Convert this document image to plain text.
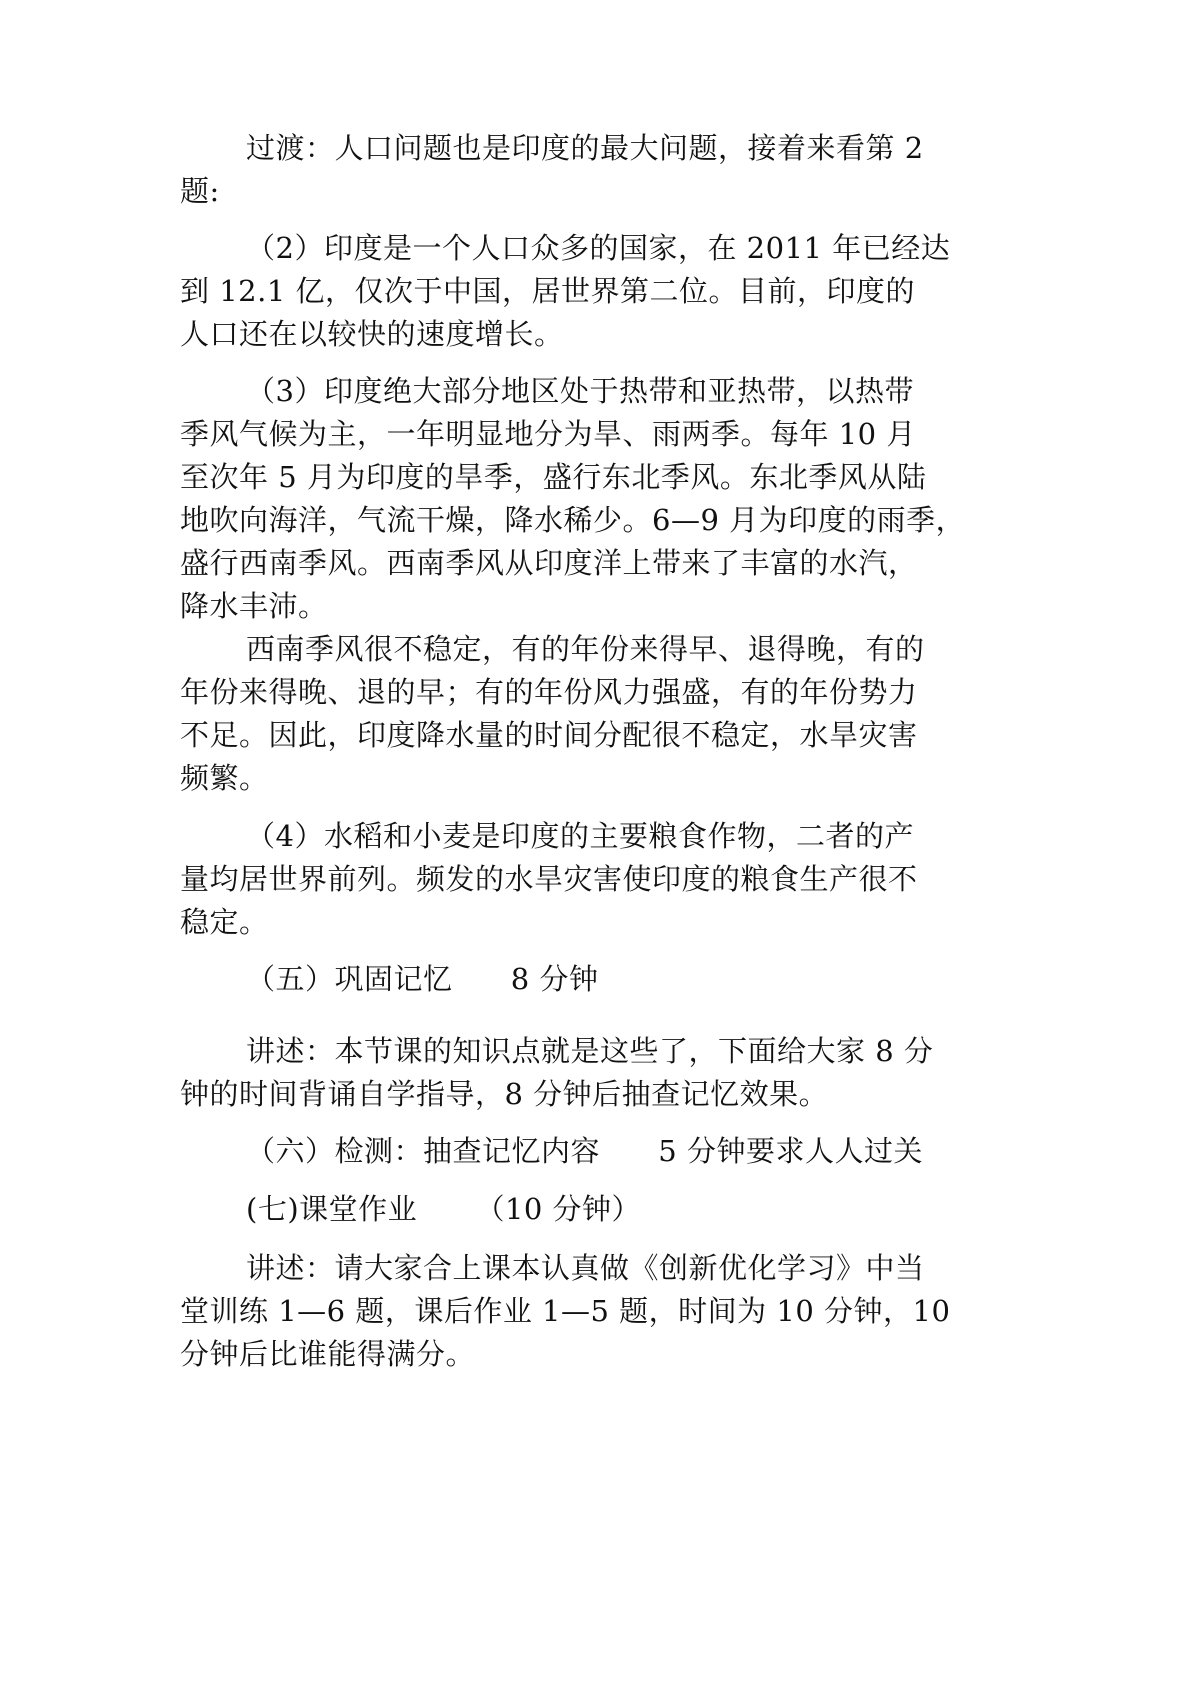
过渡：人口问题也是印度的最大问题，接着来看第 2
题:

（2）印度是一个人口众多的国家，在 2011 年已经达
到 12.1 亿，仅次于中国，居世界第二位。目前，印度的
人口还在以较快的速度增长。

（3）印度绝大部分地区处于热带和亚热带，以热带
季风气候为主，一年明显地分为旱、雨两季。每年 10 月
至次年 5 月为印度的旱季，盛行东北季风。东北季风从陆
地吹向海洋，气流干燥，降水稀少。6—9 月为印度的雨季，
盛行西南季风。西南季风从印度洋上带来了丰富的水汽，
降水丰沛。

西南季风很不稳定，有的年份来得早、退得晚，有的
年份来得晚、退的早；有的年份风力强盛，有的年份势力
不足。因此，印度降水量的时间分配很不稳定，水旱灾害
频繁。

（4）水稻和小麦是印度的主要粮食作物，二者的产
量均居世界前列。频发的水旱灾害使印度的粮食生产很不
稳定。

（五）巩固记忆      8 分钟

讲述：本节课的知识点就是这些了，下面给大家 8 分
钟的时间背诵自学指导，8 分钟后抽查记忆效果。

（六）检测：抽查记忆内容      5 分钟要求人人过关

(七)课堂作业      （10 分钟）

讲述：请大家合上课本认真做《创新优化学习》中当
堂训练 1—6 题，课后作业 1—5 题，时间为 10 分钟，10
分钟后比谁能得满分。
